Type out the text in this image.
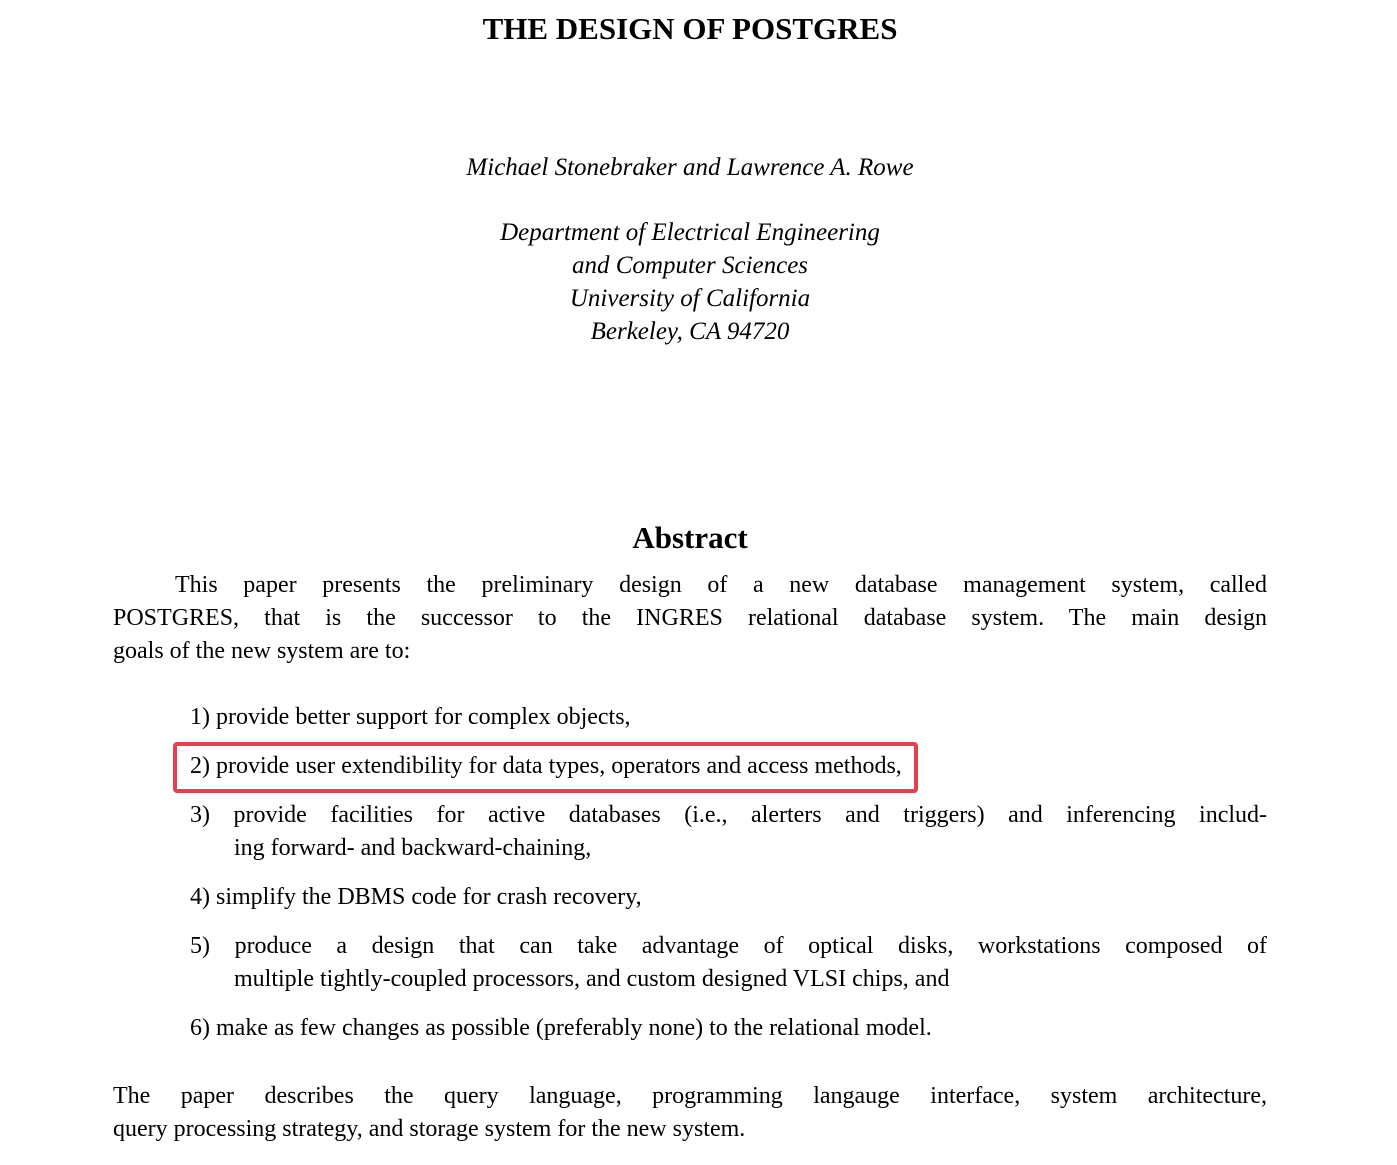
THE DESIGN OF POSTGRES
Michael Stonebraker and Lawrence A. Rowe
Department of Electrical Engineering
and Computer Sciences
University of California
Berkeley, CA 94720
Abstract

This paper presents the preliminary design of a new database management system, called
POSTGRES, that is the successor to the INGRES relational database system. The main design
goals of the new system are to:

1) provide better support for complex objects,
2) provide user extendibility for data types, operators and access methods,
3) provide facilities for active databases (i.e., alerters and triggers) and inferencing includ-
ing forward- and backward-chaining,
4) simplify the DBMS code for crash recovery,
5) produce a design that can take advantage of optical disks, workstations composed of
multiple tightly-coupled processors, and custom designed VLSI chips, and
6) make as few changes as possible (preferably none) to the relational model.

The paper describes the query language, programming langauge interface, system architecture,
query processing strategy, and storage system for the new system.
